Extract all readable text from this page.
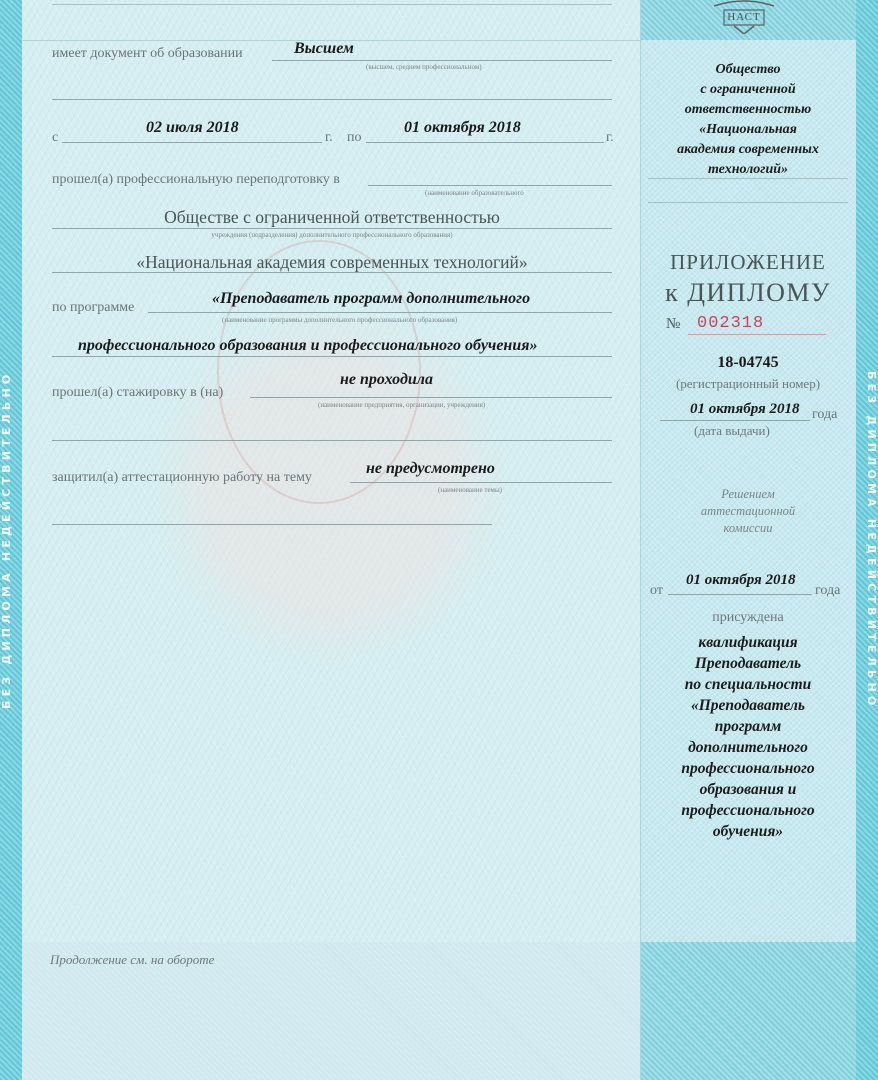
БЕЗ ДИПЛОМА НЕДЕЙСТВИТЕЛЬНО
имеет документ об образовании	Высшем
(высшем, среднем профессиональном)
с
02 июля 2018
г. по
01 октября 2018
г.
прошел(а) профессиональную переподготовку в
(наименование образовательного
Обществе с ограниченной ответственностью
учреждения (подразделения) дополнительного профессионального образования)
«Национальная академия современных технологий»
по программе
«Преподаватель программ дополнительного
(наименование программы дополнительного профессионального образования)
профессионального образования и профессионального обучения»
прошел(а) стажировку в (на)
не проходила
(наименование предприятия, организации, учреждения)
защитил(а) аттестационную работу на тему
не предусмотрено
(наименование темы)
Продолжение см. на обороте
НАСТ
Общество
с ограниченной
ответственностью
«Национальная
академия современных
технологий»
ПРИЛОЖЕНИЕ
к ДИПЛОМУ
№ 002318
18-04745
(регистрационный номер)
01 октября 2018 года
(дата выдачи)
Решением
аттестационной
комиссии
от
01 октября 2018
года
присуждена
квалификация
Преподаватель
по специальности
«Преподаватель
программ
дополнительного
профессионального
образования и
профессионального
обучения»
БЕЗ ДИПЛОМА НЕДЕЙСТВИТЕЛЬНО
